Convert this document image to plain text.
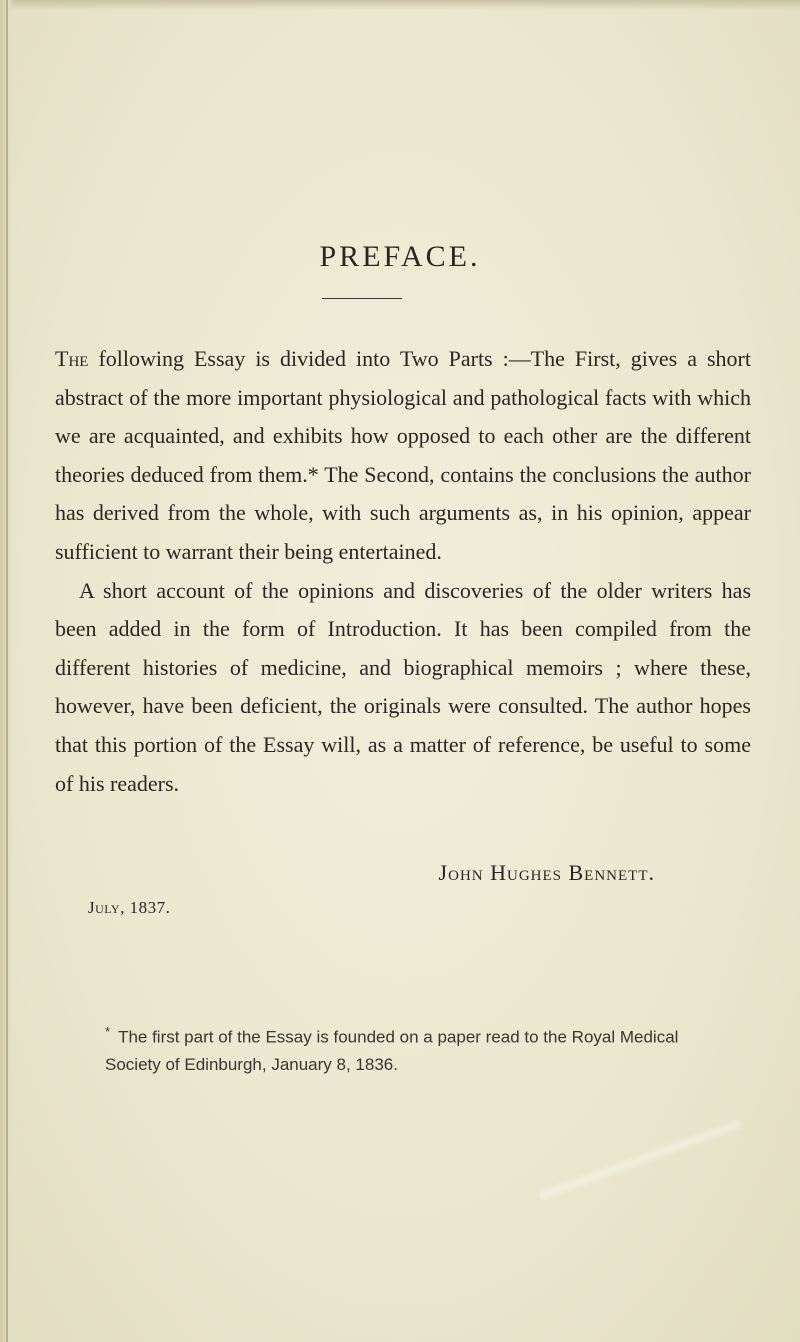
PREFACE.

The following Essay is divided into Two Parts :—The First, gives a short abstract of the more important physiological and pathological facts with which we are acquainted, and exhibits how opposed to each other are the different theories deduced from them.* The Second, contains the conclusions the author has derived from the whole, with such arguments as, in his opinion, appear sufficient to warrant their being entertained.

A short account of the opinions and discoveries of the older writers has been added in the form of Introduction. It has been compiled from the different histories of medicine, and biographical memoirs ; where these, however, have been deficient, the originals were consulted. The author hopes that this portion of the Essay will, as a matter of reference, be useful to some of his readers.

John Hughes Bennett.

July, 1837.

* The first part of the Essay is founded on a paper read to the Royal Medical Society of Edinburgh, January 8, 1836.
